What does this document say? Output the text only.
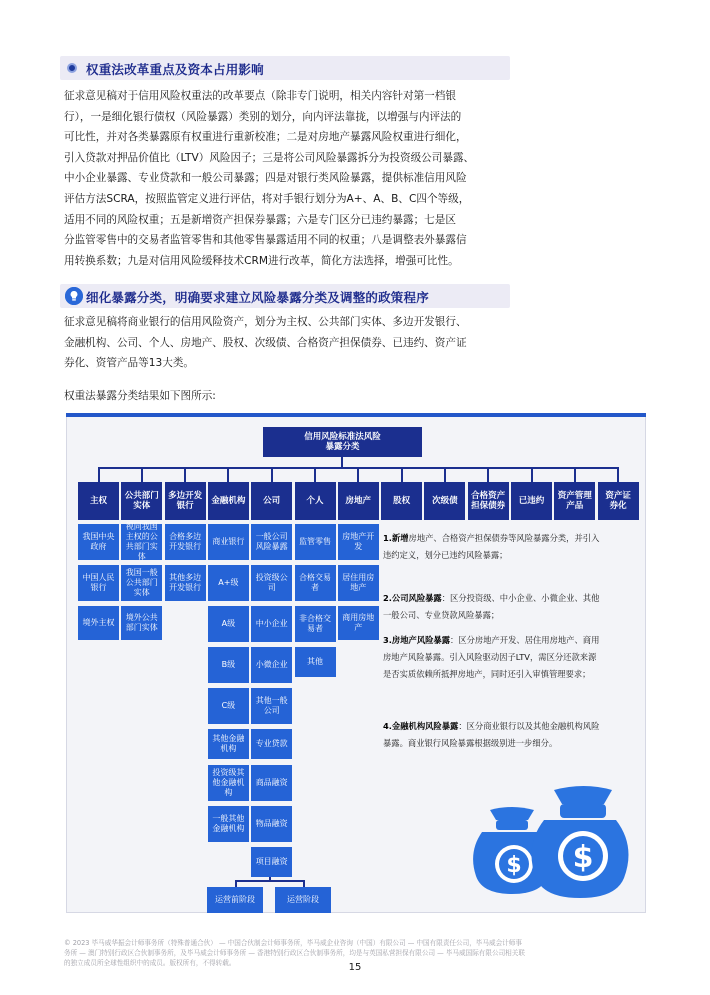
权重法改革重点及资本占用影响
征求意见稿对于信用风险权重法的改革要点（除非专门说明，相关内容针对第一档银
行），一是细化银行债权（风险暴露）类别的划分，向内评法靠拢，以增强与内评法的
可比性，并对各类暴露原有权重进行重新校准；二是对房地产暴露风险权重进行细化，
引入贷款对押品价值比（LTV）风险因子；三是将公司风险暴露拆分为投资级公司暴露、
中小企业暴露、专业贷款和一般公司暴露；四是对银行类风险暴露，提供标准信用风险
评估方法SCRA，按照监管定义进行评估，将对手银行划分为A+、A、B、C四个等级，
适用不同的风险权重；五是新增资产担保券暴露；六是专门区分已违约暴露；七是区
分监管零售中的交易者监管零售和其他零售暴露适用不同的权重；八是调整表外暴露信
用转换系数；九是对信用风险缓释技术CRM进行改革，简化方法选择，增强可比性。
细化暴露分类，明确要求建立风险暴露分类及调整的政策程序
征求意见稿将商业银行的信用风险资产，划分为主权、公共部门实体、多边开发银行、
金融机构、公司、个人、房地产、股权、次级债、合格资产担保债券、已违约、资产证
券化、资管产品等13大类。
权重法暴露分类结果如下图所示:
信用风险标准法风险
暴露分类
主权 公共部门
实体
多边开发
银行	金融机构 公司	个人	房地产	股权	次级债 合格资产
担保债券 已违约 资产管理
产品
资产证
券化
我国中央
政府
中国人民
银行
境外主权
视同我国
主权的公
共部门实
体
我国一般
公共部门
实体
境外公共
部门实体
合格多边
开发银行
其他多边
开发银行
商业银行
A+级
A级
B级
C级
其他金融
机构
投资级其
他金融机
构
一般其他
金融机构
一般公司
风险暴露
投资级公
司
中小企业
小微企业
其他一般
公司
专业贷款
商品融资
物品融资
项目融资
监管零售
合格交易
者
非合格交
易者
其他
房地产开
发
居住用房
地产
商用房地
产
运营前阶段	运营阶段
1.新增房地产、合格资产担保债券等风险暴露分类，并引入
违约定义，划分已违约风险暴露；
2.公司风险暴露：区分投资级、中小企业、小微企业、其他
一般公司、专业贷款风险暴露；
3.房地产风险暴露：区分房地产开发、居住用房地产、商用
房地产风险暴露。引入风险驱动因子LTV，需区分还款来源
是否实质依赖所抵押房地产，同时还引入审慎管理要求；
4.金融机构风险暴露：区分商业银行以及其他金融机构风险
暴露。商业银行风险暴露根据级别进一步细分。
$ $
© 2023 毕马威华振会计师事务所（特殊普通合伙） — 中国合伙制会计师事务所，毕马威企业咨询（中国）有限公司 — 中国有限责任公司，毕马威会计师事
务所 — 澳门特别行政区合伙制事务所，及毕马威会计师事务所 — 香港特别行政区合伙制事务所，均是与英国私营担保有限公司 — 毕马威国际有限公司相关联
的独立成员所全球性组织中的成员。版权所有，不得转载。	15
